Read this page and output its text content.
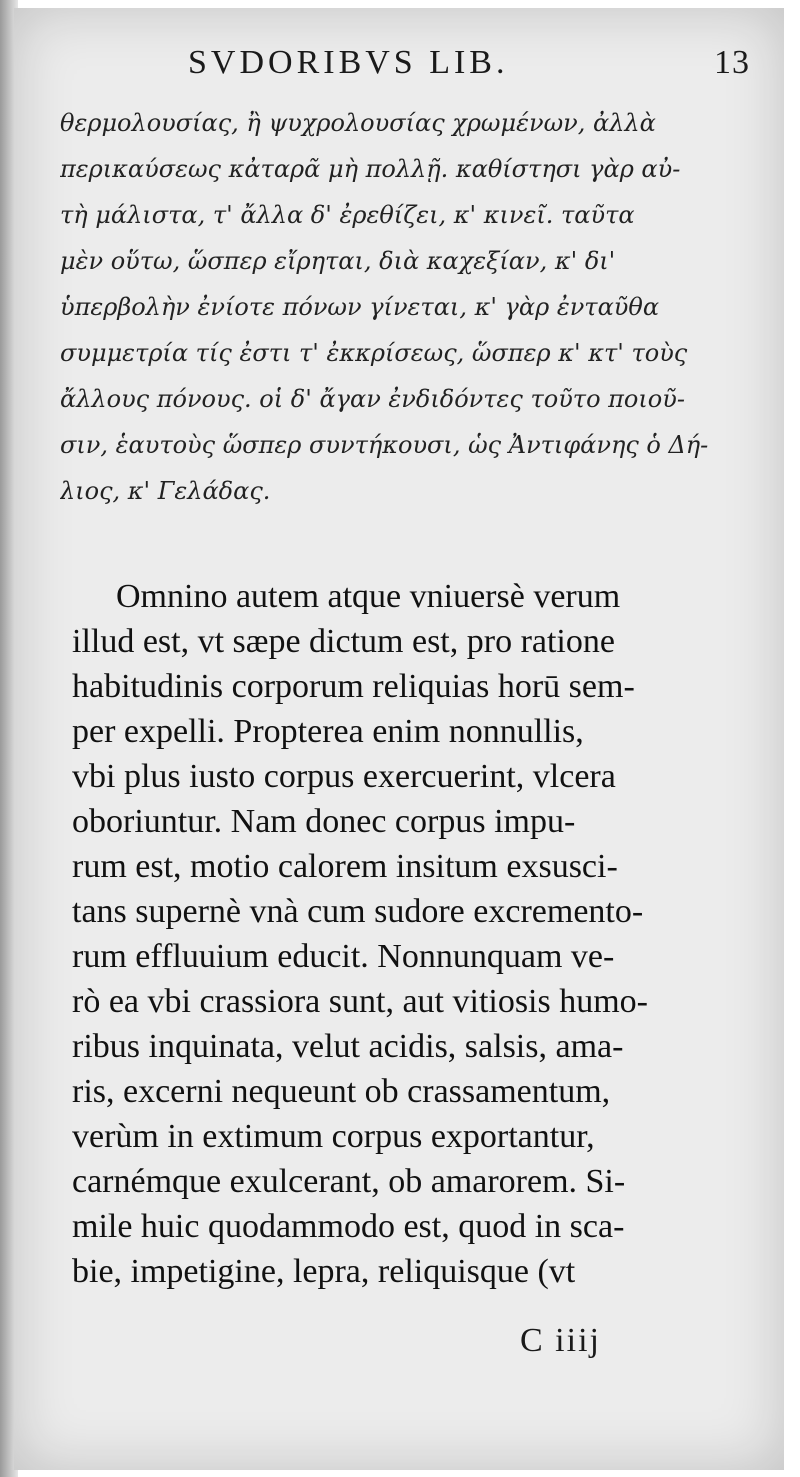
SVDORIBVS LIB.	13
θερμολουσίας, ἢ ψυχρολουσίας χρωμένων, ἀλλὰ
περικαύσεως κἀταρᾶ μὴ πολλῇ. καθίστησι γὰρ αὐ-
τὴ μάλιστα, τ' ἄλλα δ' ἐρεθίζει, κ' κινεῖ. ταῦτα
μὲν οὕτω, ὥσπερ εἴρηται, διὰ καχεξίαν, κ' δι'
ὑπερβολὴν ἐνίοτε πόνων γίνεται, κ' γὰρ ἐνταῦθα
συμμετρία τίς ἐστι τ' ἐκκρίσεως, ὥσπερ κ' κτ' τοὺς
ἄλλους πόνους. οἱ δ' ἄγαν ἐνδιδόντες τοῦτο ποιοῦ-
σιν, ἑαυτοὺς ὥσπερ συντήκουσι, ὡς Ἀντιφάνης ὁ Δή-
λιος, κ' Γελάδας.
Omnino autem atque vniuersè verum
illud est, vt sæpe dictum est, pro ratione
habitudinis corporum reliquias horū sem-
per expelli. Propterea enim nonnullis,
vbi plus iusto corpus exercuerint, vlcera
oboriuntur. Nam donec corpus impu-
rum est, motio calorem insitum exsusci-
tans supernè vnà cum sudore excremento-
rum effluuium educit. Nonnunquam ve-
rò ea vbi crassiora sunt, aut vitiosis humo-
ribus inquinata, velut acidis, salsis, ama-
ris, excerni nequeunt ob crassamentum,
verùm in extimum corpus exportantur,
carnémque exulcerant, ob amarorem. Si-
mile huic quodammodo est, quod in sca-
bie, impetigine, lepra, reliquisque (vt
C iiij
